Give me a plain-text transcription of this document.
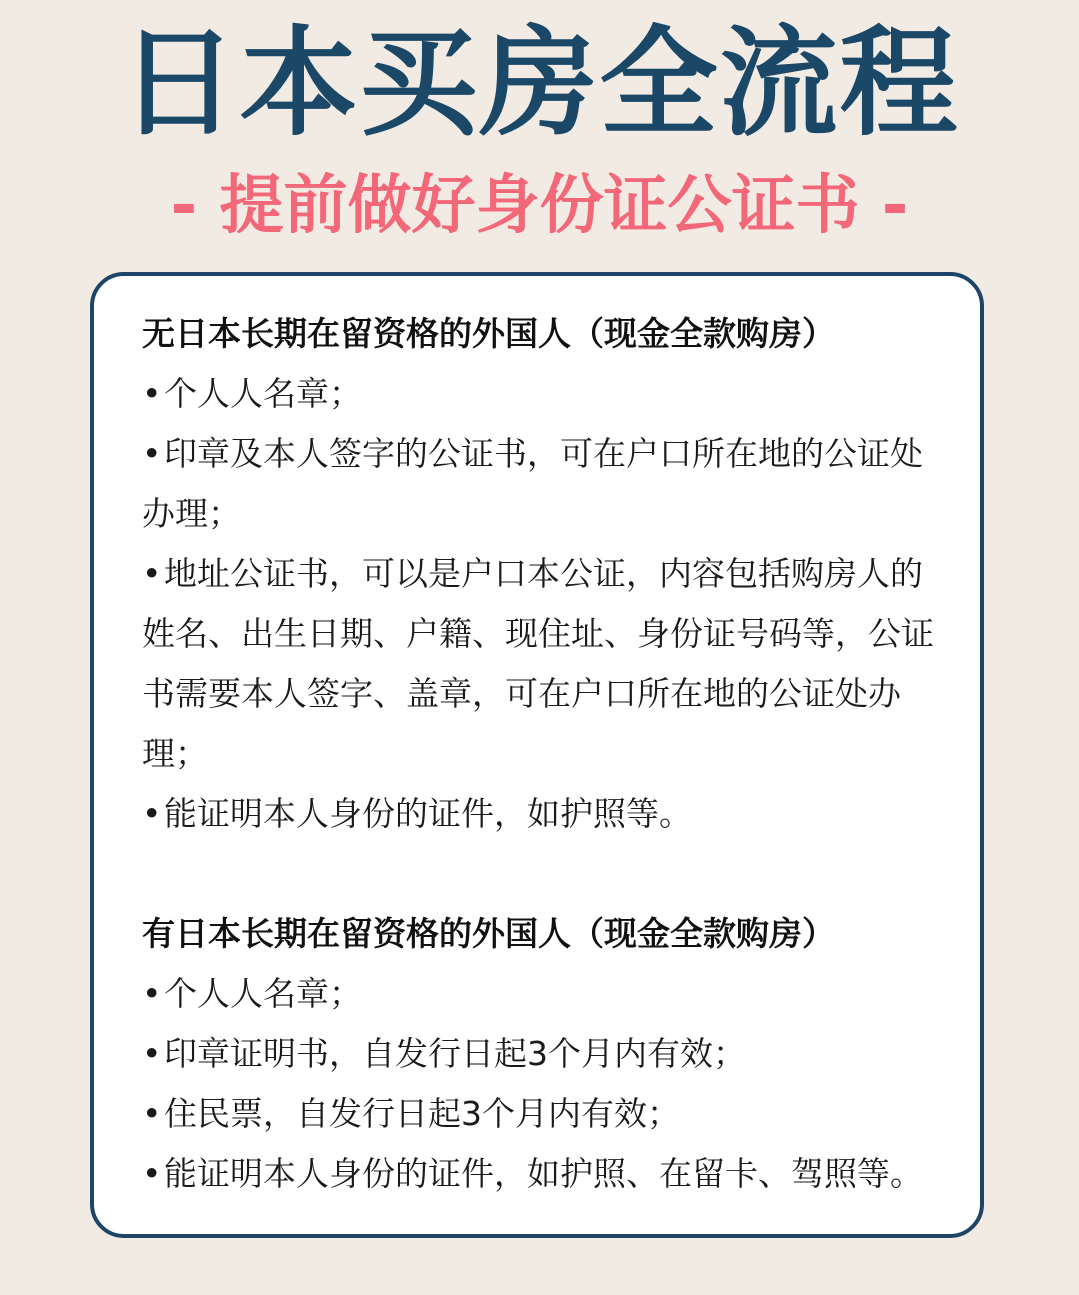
日本买房全流程
- 提前做好身份证公证书 -
无日本长期在留资格的外国人（现金全款购房）

•个人人名章；

•印章及本人签字的公证书，可在户口所在地的公证处办理；

•地址公证书，可以是户口本公证，内容包括购房人的姓名、出生日期、户籍、现住址、身份证号码等，公证书需要本人签字、盖章，可在户口所在地的公证处办理；

•能证明本人身份的证件，如护照等。

有日本长期在留资格的外国人（现金全款购房）

•个人人名章；

•印章证明书，自发行日起3个月内有效；

•住民票，自发行日起3个月内有效；

•能证明本人身份的证件，如护照、在留卡、驾照等。
